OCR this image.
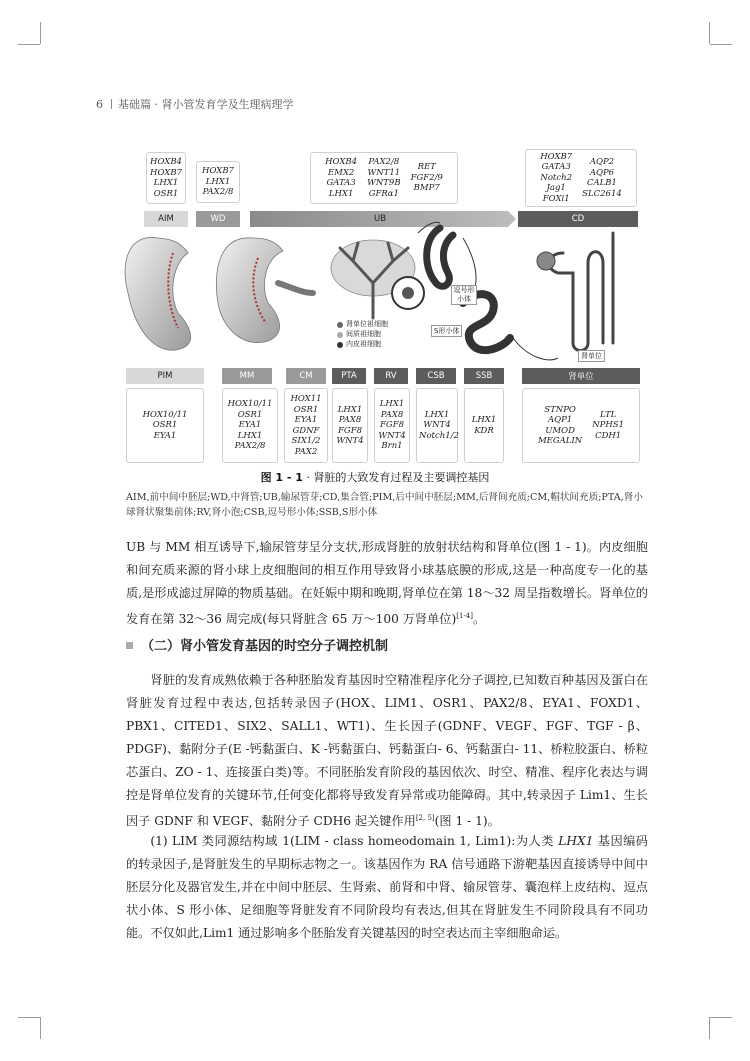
6 基础篇 · 肾小管发育学及生理病理学
HOXB4
HOXB7
LHX1
OSR1
HOXB7
LHX1
PAX2/8
HOXB4
EMX2
GATA3
LHX1
PAX2/8
WNT11
WNT9B
GFRα1
RET
FGF2/9
BMP7
HOXB7
GATA3
Notch2
Jag1
FOXi1
AQP2
AQP6
CALB1
SLC2614
AIM	WD	UB	CD
肾单位祖细胞
间质祖细胞
内皮祖细胞
逗号形小体
S形小体
肾单位
PIM	MM	CM	PTA	RV	CSB	SSB	肾单位
HOX10/11
OSR1
EYA1
HOX10/11
OSR1
EYA1
LHX1
PAX2/8
HOX11
OSR1
EYA1
GDNF
SIX1/2
PAX2
LHX1
PAX8
FGF8
WNT4
LHX1
PAX8
FGF8
WNT4
Brn1
LHX1
WNT4
Notch1/2
LHX1
KDR
STNPO
AQP1
UMOD
MEGALIN
LTL
NPHS1
CDH1
图 1 - 1 · 肾脏的大致发育过程及主要调控基因
AIM,前中间中胚层;WD,中肾管;UB,输尿管芽;CD,集合管;PIM,后中间中胚层;MM,后肾间充质;CM,帽状间充质;PTA,肾小球肾状聚集前体;RV,肾小泡;CSB,逗号形小体;SSB,S形小体

UB 与 MM 相互诱导下,输尿管芽呈分支状,形成肾脏的放射状结构和肾单位(图 1 - 1)。内皮细胞和间充质来源的肾小球上皮细胞间的相互作用导致肾小球基底膜的形成,这是一种高度专一化的基质,是形成滤过屏障的物质基础。在妊娠中期和晚期,肾单位在第 18～32 周呈指数增长。肾单位的发育在第 32～36 周完成(每只肾脏含 65 万～100 万肾单位)[1-4]。

（二）肾小管发育基因的时空分子调控机制

肾脏的发育成熟依赖于各种胚胎发育基因时空精准程序化分子调控,已知数百种基因及蛋白在肾脏发育过程中表达,包括转录因子(HOX、LIM1、OSR1、PAX2/8、EYA1、FOXD1、PBX1、CITED1、SIX2、SALL1、WT1)、生长因子(GDNF、VEGF、FGF、TGF - β、PDGF)、黏附分子(E -钙黏蛋白、K -钙黏蛋白、钙黏蛋白- 6、钙黏蛋白- 11、桥粒胶蛋白、桥粒芯蛋白、ZO - 1、连接蛋白类)等。不同胚胎发育阶段的基因依次、时空、精准、程序化表达与调控是肾单位发育的关键环节,任何变化都将导致发育异常或功能障碍。其中,转录因子 Lim1、生长因子 GDNF 和 VEGF、黏附分子 CDH6 起关键作用[2, 5](图 1 - 1)。

(1) LIM 类同源结构域 1(LIM - class homeodomain 1, Lim1):为人类 LHX1 基因编码的转录因子,是肾脏发生的早期标志物之一。该基因作为 RA 信号通路下游靶基因直接诱导中间中胚层分化及器官发生,并在中间中胚层、生肾索、前肾和中肾、输尿管芽、囊泡样上皮结构、逗点状小体、S 形小体、足细胞等肾脏发育不同阶段均有表达,但其在肾脏发生不同阶段具有不同功能。不仅如此,Lim1 通过影响多个胚胎发育关键基因的时空表达而主宰细胞命运。
